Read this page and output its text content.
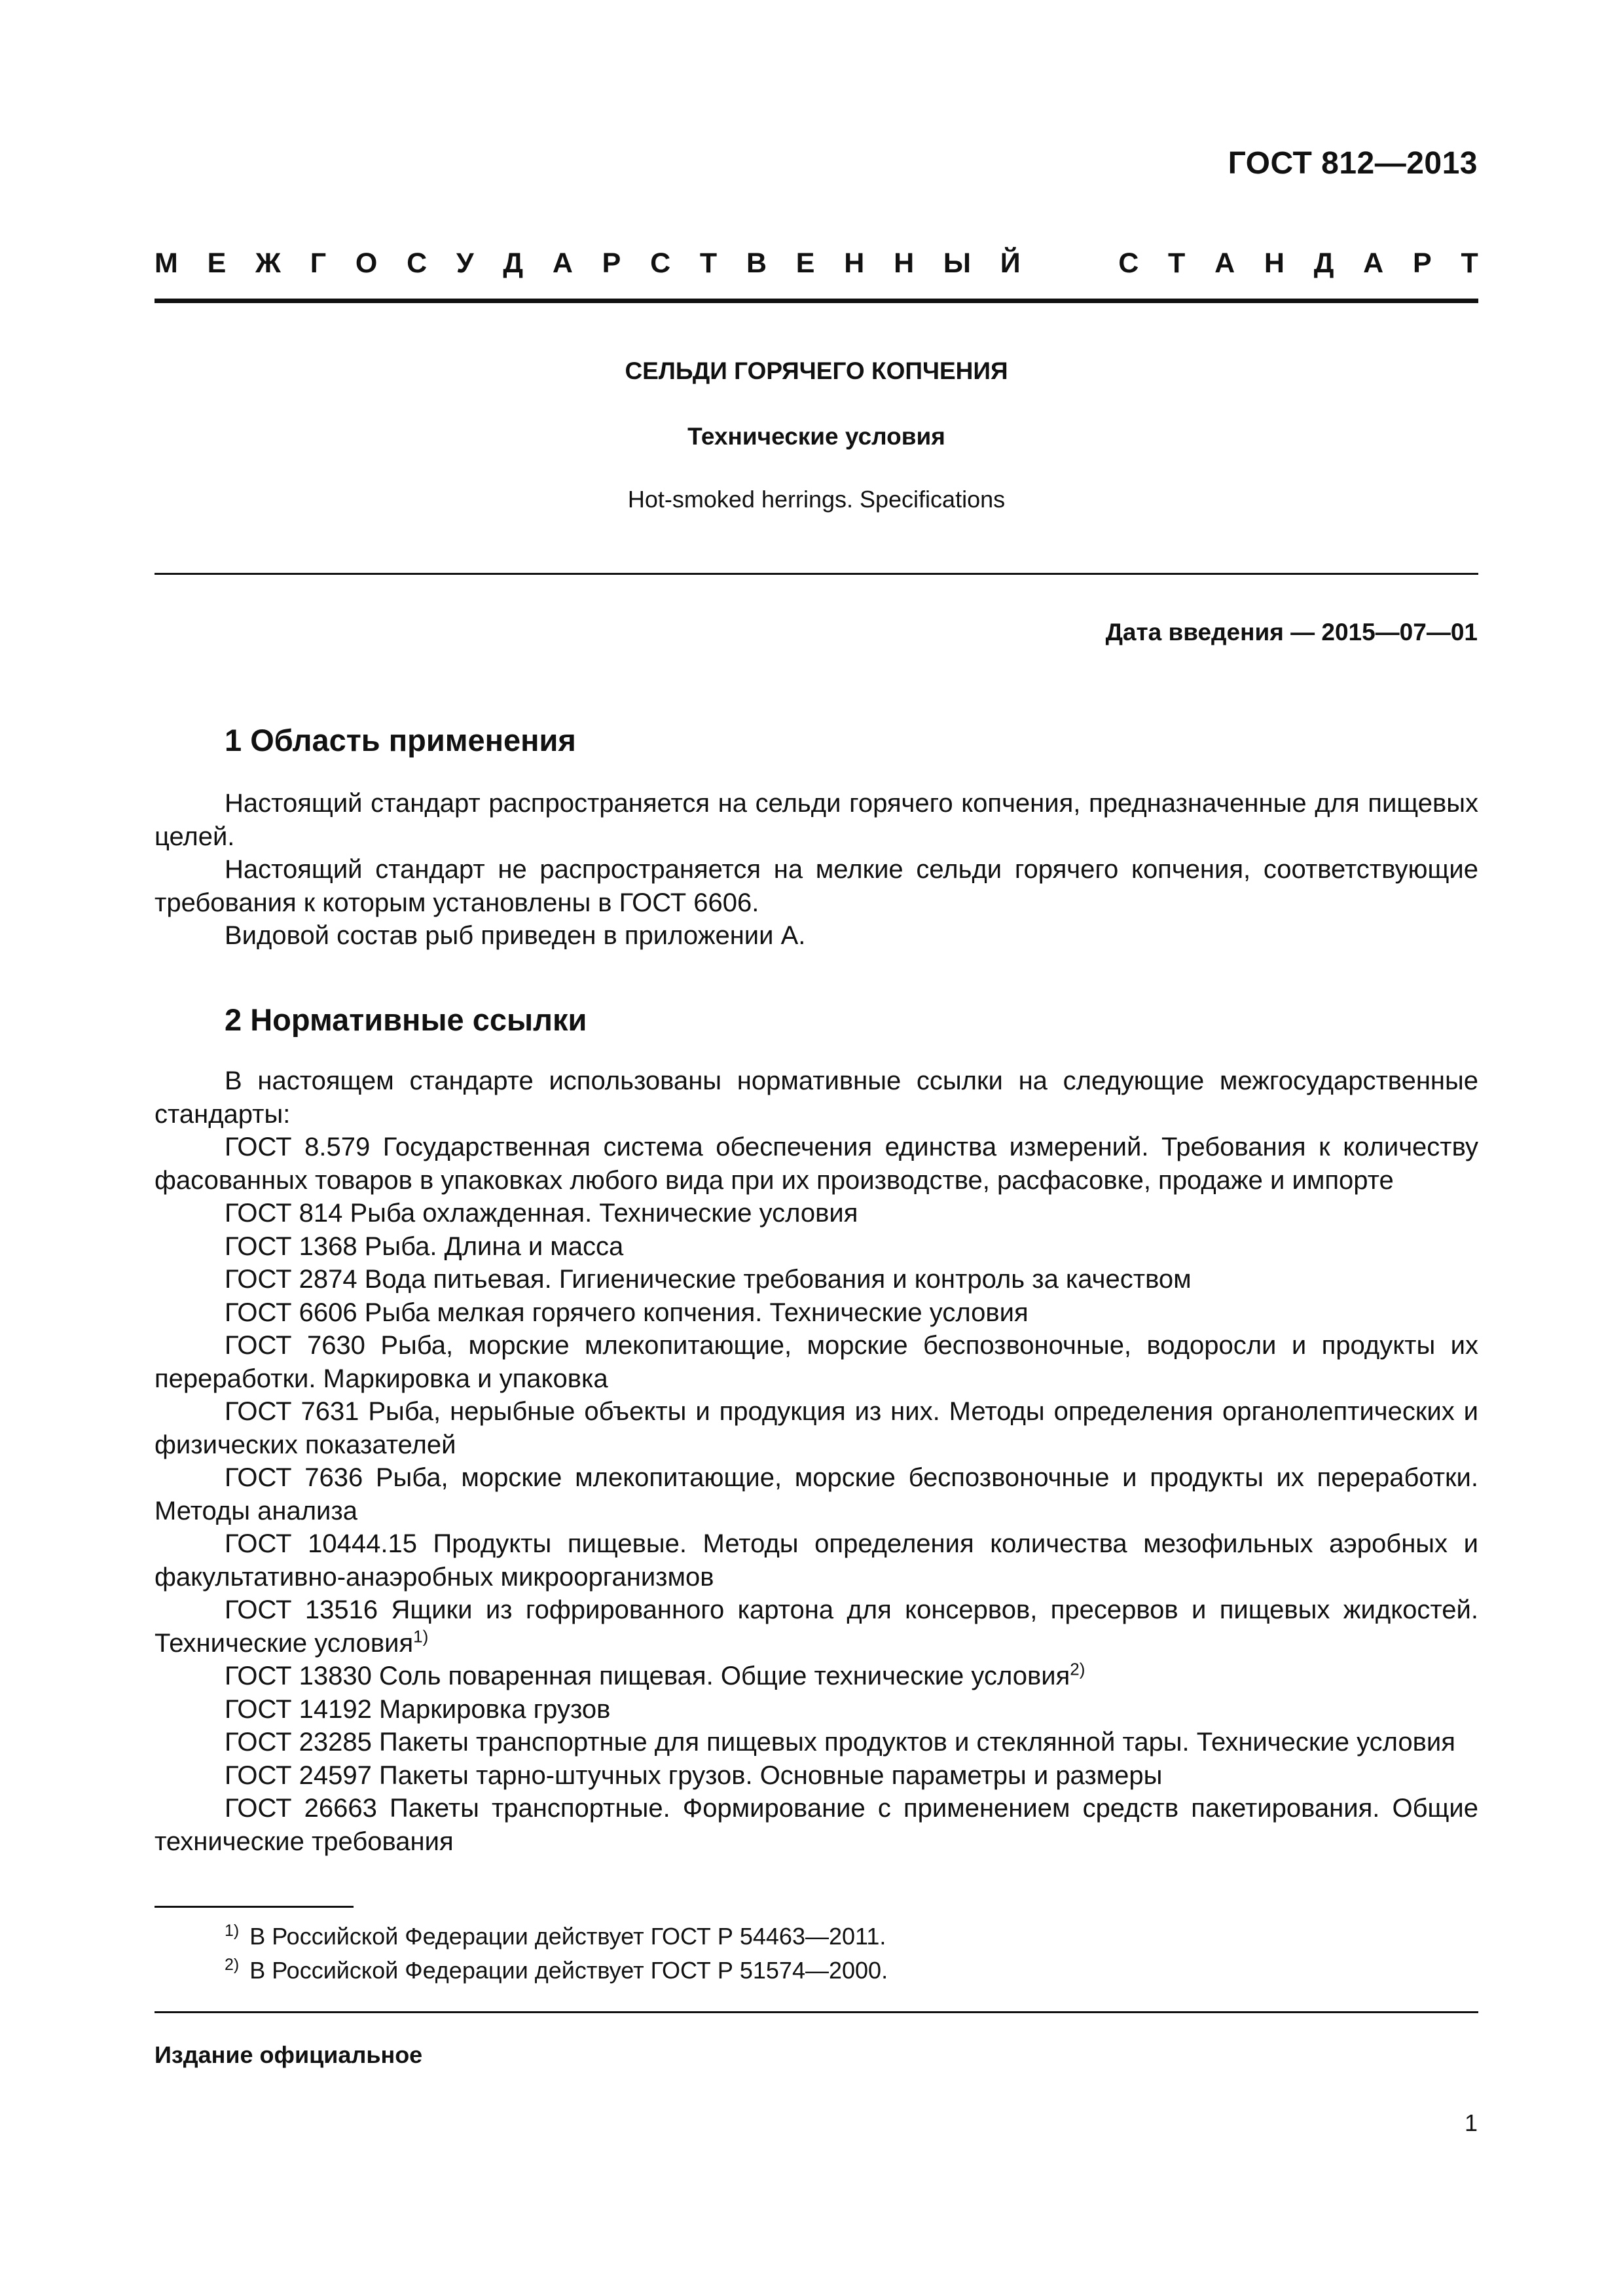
ГОСТ 812—2013
М Е Ж Г О С У Д А Р С Т В Е Н Н Ы Й	С Т А Н Д А Р Т
СЕЛЬДИ ГОРЯЧЕГО КОПЧЕНИЯ
Технические условия
Hot-smoked herrings. Specifications
Дата введения — 2015—07—01
1 Область применения

Настоящий стандарт распространяется на сельди горячего копчения, предназначенные для пищевых целей.

Настоящий стандарт не распространяется на мелкие сельди горячего копчения, соответствующие требования к которым установлены в ГОСТ 6606.

Видовой состав рыб приведен в приложении А.

2 Нормативные ссылки

В настоящем стандарте использованы нормативные ссылки на следующие межгосударственные стандарты:

ГОСТ 8.579 Государственная система обеспечения единства измерений. Требования к количеству фасованных товаров в упаковках любого вида при их производстве, расфасовке, продаже и импорте

ГОСТ 814 Рыба охлажденная. Технические условия

ГОСТ 1368 Рыба. Длина и масса

ГОСТ 2874 Вода питьевая. Гигиенические требования и контроль за качеством

ГОСТ 6606 Рыба мелкая горячего копчения. Технические условия

ГОСТ 7630 Рыба, морские млекопитающие, морские беспозвоночные, водоросли и продукты их переработки. Маркировка и упаковка

ГОСТ 7631 Рыба, нерыбные объекты и продукция из них. Методы определения органолептических и физических показателей

ГОСТ 7636 Рыба, морские млекопитающие, морские беспозвоночные и продукты их переработки. Методы анализа

ГОСТ 10444.15 Продукты пищевые. Методы определения количества мезофильных аэробных и факультативно-анаэробных микроорганизмов

ГОСТ 13516 Ящики из гофрированного картона для консервов, пресервов и пищевых жидкостей. Технические условия$^{1)}$

ГОСТ 13830 Соль поваренная пищевая. Общие технические условия$^{2)}$

ГОСТ 14192 Маркировка грузов

ГОСТ 23285 Пакеты транспортные для пищевых продуктов и стеклянной тары. Технические условия

ГОСТ 24597 Пакеты тарно-штучных грузов. Основные параметры и размеры

ГОСТ 26663 Пакеты транспортные. Формирование с применением средств пакетирования. Общие технические требования

$^{1)}$ В Российской Федерации действует ГОСТ Р 54463—2011.
$^{2)}$ В Российской Федерации действует ГОСТ Р 51574—2000.
Издание официальное
1
